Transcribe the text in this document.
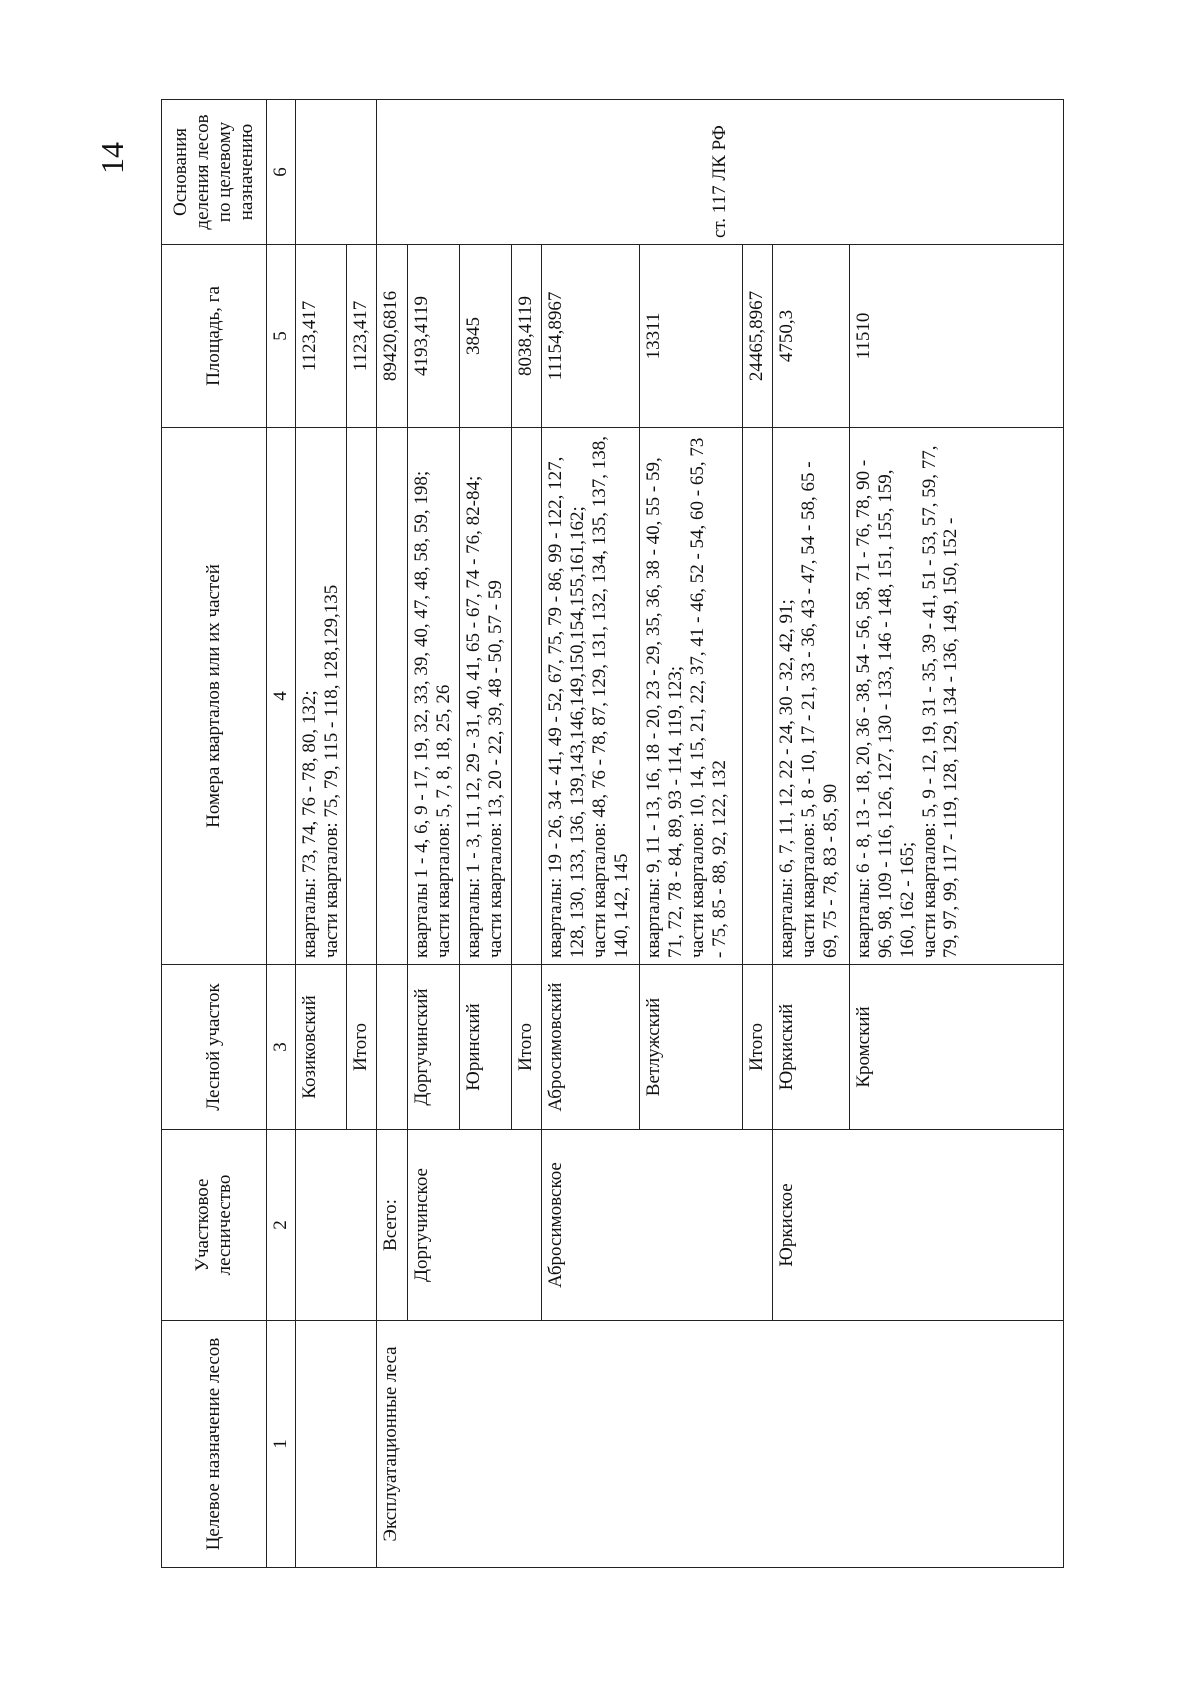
14
Целевое назначение лесов	Участковое лесничество	Лесной участок	Номера кварталов или их частей	Площадь, га	Основания деления лесов по целевому назначению
1	2	3	4	5	6
		Козиковский	кварталы: 73, 74, 76 - 78, 80, 132; части кварталов: 75, 79, 115 - 118, 128,129,135	1123,417	
		Итого		1123,417	
Эксплуатационные леса	Всего:			89420,6816	ст. 117 ЛК РФ
	Доргучинское	Доргучинский	кварталы 1 - 4, 6, 9 - 17, 19, 32, 33, 39, 40, 47, 48, 58, 59, 198; части кварталов: 5, 7, 8, 18, 25, 26	4193,4119	
		Юринский	кварталы: 1 - 3, 11, 12, 29 - 31, 40, 41, 65 - 67, 74 - 76, 82-84; части кварталов: 13, 20 - 22, 39, 48 - 50, 57 - 59	3845	
		Итого		8038,4119	
	Абросимовское	Абросимовский	кварталы: 19 - 26, 34 - 41, 49 - 52, 67, 75, 79 - 86, 99 - 122, 127, 128, 130, 133, 136, 139,143,146,149,150,154,155,161,162; части кварталов: 48, 76 - 78, 87, 129, 131, 132, 134, 135, 137, 138, 140, 142, 145	11154,8967	
		Ветлужский	кварталы: 9, 11 - 13, 16, 18 - 20, 23 - 29, 35, 36, 38 - 40, 55 - 59, 71, 72, 78 - 84, 89, 93 - 114, 119, 123; части кварталов: 10, 14, 15, 21, 22, 37, 41 - 46, 52 - 54, 60 - 65, 73 - 75, 85 - 88, 92, 122, 132	13311	
		Итого		24465,8967	
	Юркиское	Юркиский	кварталы: 6, 7, 11, 12, 22 - 24, 30 - 32, 42, 91; части кварталов: 5, 8 - 10, 17 - 21, 33 - 36, 43 - 47, 54 - 58, 65 - 69, 75 - 78, 83 - 85, 90	4750,3	
		Кромский	кварталы: 6 - 8, 13 - 18, 20, 36 - 38, 54 - 56, 58, 71 - 76, 78, 90 - 96, 98, 109 - 116, 126, 127, 130 - 133, 146 - 148, 151, 155, 159, 160, 162 - 165; части кварталов: 5, 9 - 12, 19, 31 - 35, 39 - 41, 51 - 53, 57, 59, 77, 79, 97, 99, 117 - 119, 128, 129, 134 - 136, 149, 150, 152 -	11510	
